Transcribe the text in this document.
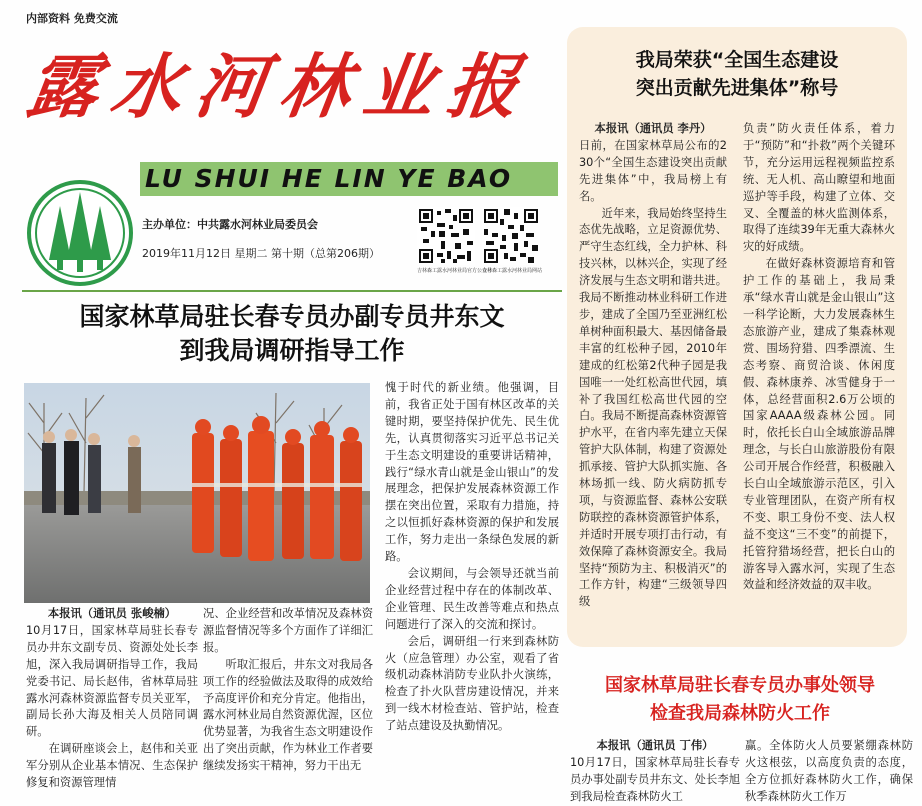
内部资料 免费交流
露水河林业报
LU SHUI HE LIN YE BAO
主办单位：中共露水河林业局委员会
2019年11月12日 星期二 第十期（总第206期）
吉林森工露水河林业局官方公众号
吉林森工露水河林业局网站
国家林草局驻长春专员办副专员井东文
到我局调研指导工作

本报讯（通讯员 张峻楠）

10月17日，国家林草局驻长春专员办井东文副专员、资源处处长李旭，深入我局调研指导工作，我局党委书记、局长赵伟，省林草局驻露水河森林资源监督专员关亚军，副局长孙大海及相关人员陪同调研。

在调研座谈会上，赵伟和关亚军分别从企业基本情况、生态保护修复和资源管理情

况、企业经营和改革情况及森林资源监督情况等多个方面作了详细汇报。

听取汇报后，井东文对我局各项工作的经验做法及取得的成效给予高度评价和充分肯定。他指出，露水河林业局自然资源优渥，区位优势显著，为我省生态文明建设作出了突出贡献，作为林业工作者要继续发扬实干精神，努力干出无

愧于时代的新业绩。他强调，目前，我省正处于国有林区改革的关键时期，要坚持保护优先、民生优先，认真贯彻落实习近平总书记关于生态文明建设的重要讲话精神，践行“绿水青山就是金山银山”的发展理念，把保护发展森林资源工作摆在突出位置，采取有力措施，持之以恒抓好森林资源的保护和发展工作，努力走出一条绿色发展的新路。

会议期间，与会领导还就当前企业经营过程中存在的体制改革、企业管理、民生改善等难点和热点问题进行了深入的交流和探讨。

会后，调研组一行来到森林防火（应急管理）办公室，观看了省级机动森林消防专业队扑火演练，检查了扑火队营房建设情况，并来到一线木材检查站、管护站，检查了站点建设及执勤情况。

我局荣获“全国生态建设
突出贡献先进集体”称号

本报讯（通讯员 李丹）

日前，在国家林草局公布的230个“全国生态建设突出贡献先进集体”中，我局榜上有名。

近年来，我局始终坚持生态优先战略，立足资源优势、严守生态红线，全力护林、科技兴林，以林兴企，实现了经济发展与生态文明和谐共进。我局不断推动林业科研工作进步，建成了全国乃至亚洲红松单树种面积最大、基因储备最丰富的红松种子园，2010年建成的红松第2代种子园是我国唯一一处红松高世代园，填补了我国红松高世代园的空白。我局不断提高森林资源管护水平，在省内率先建立天保管护大队体制，构建了资源处抓承接、管护大队抓实施、各林场抓一线、防火病防抓专项，与资源监督、森林公安联防联控的森林资源管护体系，并适时开展专项打击行动，有效保障了森林资源安全。我局坚持“预防为主、积极消灭”的工作方针，构建“三级领导四级

负责”防火责任体系，着力于“预防”和“扑救”两个关键环节，充分运用远程视频监控系统、无人机、高山瞭望和地面巡护等手段，构建了立体、交叉、全覆盖的林火监测体系，取得了连续39年无重大森林火灾的好成绩。

在做好森林资源培育和管护工作的基础上，我局秉承“绿水青山就是金山银山”这一科学论断，大力发展森林生态旅游产业，建成了集森林观赏、围场狩猎、四季漂流、生态考察、商贸洽谈、休闲度假、森林康养、冰雪健身于一体，总经营面积2.6万公顷的国家AAAA级森林公园。同时，依托长白山全域旅游品牌理念，与长白山旅游股份有限公司开展合作经营，积极融入长白山全域旅游示范区，引入专业管理团队，在资产所有权不变、职工身份不变、法人权益不变这“三不变”的前提下，托管狩猎场经营，把长白山的游客导入露水河，实现了生态效益和经济效益的双丰收。

国家林草局驻长春专员办事处领导
检查我局森林防火工作

本报讯（通讯员 丁伟）

10月17日，国家林草局驻长春专员办事处副专员井东文、处长李旭到我局检查森林防火工

赢。全体防火人员要紧绷森林防火这根弦，以高度负责的态度，全方位抓好森林防火工作，确保秋季森林防火工作万
